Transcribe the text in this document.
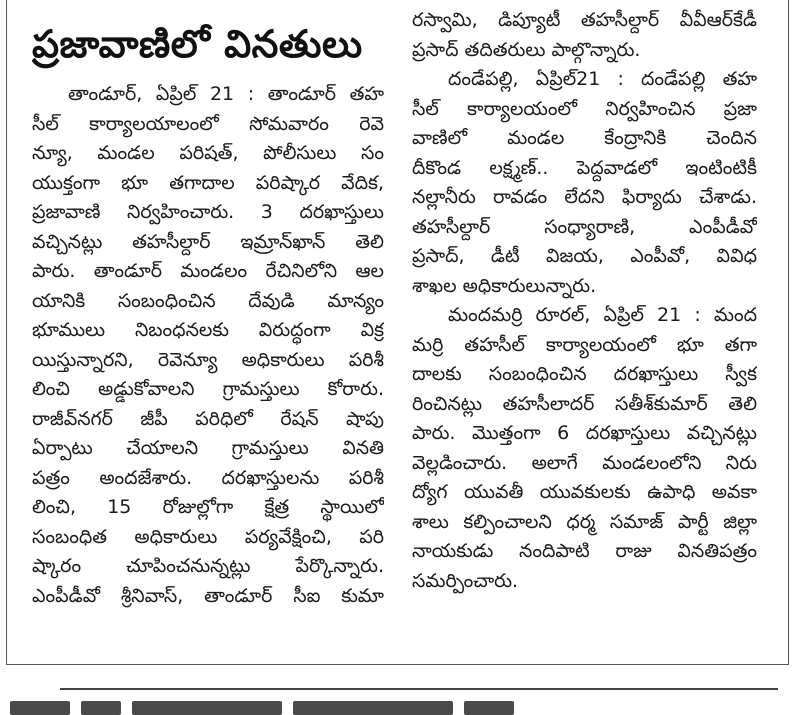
ప్రజావాణిలో వినతులు
తాండూర్, ఏప్రిల్ 21 : తాండూర్ తహ
సీల్ కార్యాలయాలంలో సోమవారం రెవె
న్యూ, మండల పరిషత్, పోలీసులు సం
యుక్తంగా భూ తగాదాల పరిష్కార వేదిక,
ప్రజావాణి నిర్వహించారు. 3 దరఖాస్తులు
వచ్చినట్లు తహసీల్దార్ ఇమ్రాన్‌ఖాన్ తెలి
పారు. తాండూర్ మండలం రేచినిలోని ఆల
యానికి సంబంధించిన దేవుడి మాన్యం
భూములు నిబంధనలకు విరుద్ధంగా విక్ర
యిస్తున్నారని, రెవెన్యూ అధికారులు పరిశీ
లించి అడ్డుకోవాలని గ్రామస్తులు కోరారు.
రాజీవ్‌నగర్ జీపీ పరిధిలో రేషన్ షాపు
ఏర్పాటు చేయాలని గ్రామస్తులు వినతి
పత్రం అందజేశారు. దరఖాస్తులను పరిశీ
లించి, 15 రోజుల్లోగా క్షేత్ర స్థాయిలో
సంబంధిత అధికారులు పర్యవేక్షించి, పరి
ష్కారం చూపించనున్నట్లు పేర్కొన్నారు.
ఎంపీడీవో శ్రీనివాస్, తాండూర్ సీఐ కుమా
రస్వామి, డిప్యూటీ తహసీల్దార్ వీవీఆర్‌కేడీ
ప్రసాద్ తదితరులు పాల్గొన్నారు.
దండేపల్లి, ఏప్రిల్21 : దండేపల్లి తహ
సీల్ కార్యాలయంలో నిర్వహించిన ప్రజా
వాణిలో మండల కేంద్రానికి చెందిన
దీకొండ లక్ష్మణ్.. పెద్దవాడలో ఇంటింటికీ
నల్లానీరు రావడం లేదని ఫిర్యాదు చేశాడు.
తహసీల్దార్ సంధ్యారాణి, ఎంపీడీవో
ప్రసాద్, డీటీ విజయ, ఎంపీవో, వివిధ
శాఖల అధికారులున్నారు.
మందమర్రి రూరల్, ఏప్రిల్ 21 : మంద
మర్రి తహసీల్ కార్యాలయంలో భూ తగా
దాలకు సంబంధించిన దరఖాస్తులు స్వీక
రించినట్లు తహసీలాదర్ సతీశ్‌కుమార్ తెలి
పారు. మొత్తంగా 6 దరఖాస్తులు వచ్చినట్లు
వెల్లడించారు. అలాగే మండలంలోని నిరు
ద్యోగ యువతీ యువకులకు ఉపాధి అవకా
శాలు కల్పించాలని ధర్మ సమాజ్ పార్టీ జిల్లా
నాయకుడు నందిపాటి రాజు వినతిపత్రం
సమర్పించారు.
